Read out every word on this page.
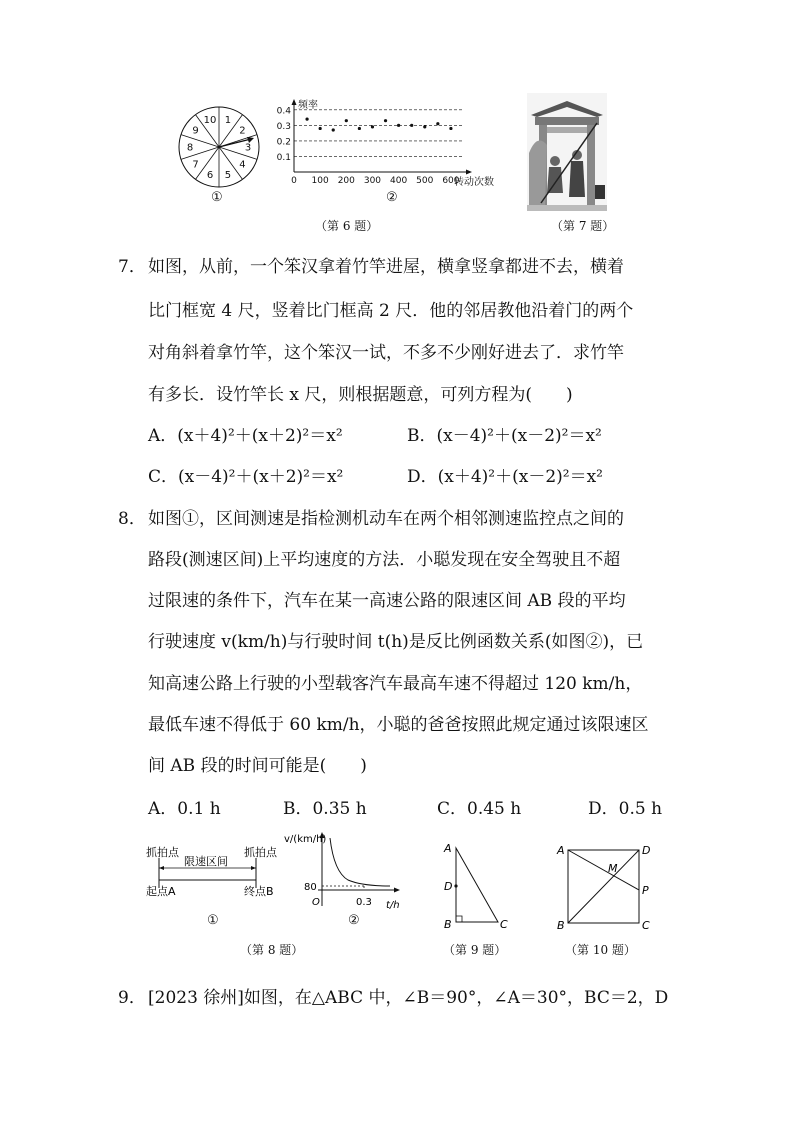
1
2
3
4
5
6
7
8
9
10
①
0.4
0.3
0.2
0.1
0 100 200 300 400 500 600
频率
转动次数
②
（第 6 题）	（第 7 题）
7． 如图，从前，一个笨汉拿着竹竿进屋，横拿竖拿都进不去，横着
比门框宽 4 尺，竖着比门框高 2 尺．他的邻居教他沿着门的两个
对角斜着拿竹竿，这个笨汉一试，不多不少刚好进去了．求竹竿
有多长．设竹竿长 x 尺，则根据题意，可列方程为(　　)
A．(x＋4)²＋(x＋2)²＝x²	B．(x－4)²＋(x－2)²＝x²
C．(x－4)²＋(x＋2)²＝x²	D．(x＋4)²＋(x－2)²＝x²
8． 如图①，区间测速是指检测机动车在两个相邻测速监控点之间的
路段(测速区间)上平均速度的方法．小聪发现在安全驾驶且不超
过限速的条件下，汽车在某一高速公路的限速区间 AB 段的平均
行驶速度 v(km/h)与行驶时间 t(h)是反比例函数关系(如图②)，已
知高速公路上行驶的小型载客汽车最高车速不得超过 120 km/h，
最低车速不得低于 60 km/h，小聪的爸爸按照此规定通过该限速区
间 AB 段的时间可能是(　　)
A．0.1 h	B．0.35 h	C．0.45 h	D．0.5 h
抓拍点	抓拍点
限速区间
起点A	终点B
①
v/(km/h)
80
O	0.3 t/h
②
（第 8 题）
A
D
B	C
（第 9 题）
A	D
M
P
B	C
（第 10 题）
9． [2023 徐州]如图，在△ABC 中，∠B＝90°，∠A＝30°，BC＝2，D
